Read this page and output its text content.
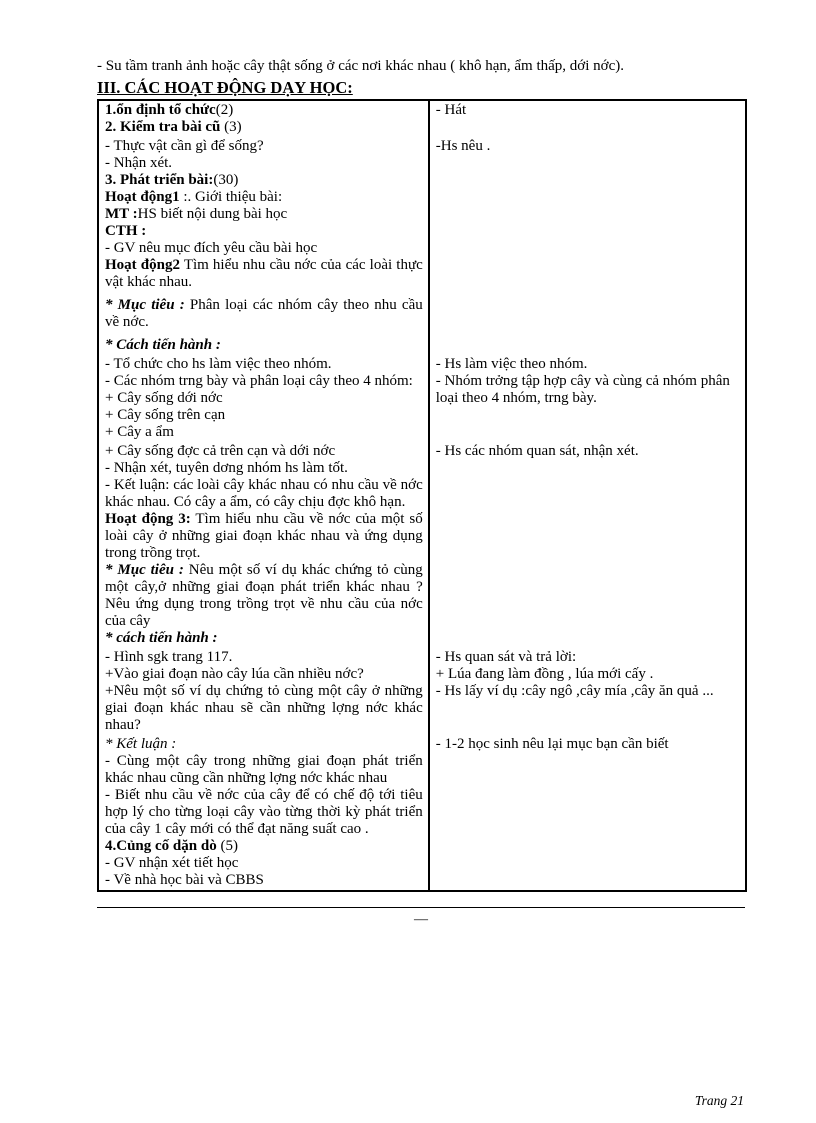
- Su tầm tranh ảnh hoặc cây thật sống ở các nơi khác nhau ( khô hạn, ẩm thấp, dới nớc).

III. CÁC HOẠT ĐỘNG DẠY HỌC:

1.ổn định tổ chức(2)

2. Kiểm tra bài cũ (3)

- Hát

- Thực vật cần gì để sống?

- Nhận xét.

3. Phát triển bài:(30)

Hoạt động1 :. Giới thiệu bài:

MT :HS biết nội dung bài học

CTH :

- GV nêu mục đích yêu cầu bài học

Hoạt động2 Tìm hiểu nhu cầu nớc của các loài thực vật khác nhau.

* Mục tiêu : Phân loại các nhóm cây theo nhu cầu về nớc.

* Cách tiến hành :

-Hs nêu .

- Tổ chức cho hs làm việc theo nhóm.

- Các nhóm trng bày và phân loại cây theo 4 nhóm:

+ Cây sống dới nớc

+ Cây sống trên cạn

+ Cây a ẩm

- Hs làm việc theo nhóm.

- Nhóm trởng tập hợp cây và cùng cả nhóm phân loại theo 4 nhóm, trng bày.

+ Cây sống đợc cả trên cạn và dới nớc

- Nhận xét, tuyên dơng nhóm hs làm tốt.

- Kết luận: các loài cây khác nhau có nhu cầu về nớc khác nhau. Có cây a ẩm, có cây chịu đợc khô hạn.

Hoạt động 3: Tìm hiểu nhu cầu về nớc của một số loài cây ở những giai đoạn khác nhau và ứng dụng trong trồng trọt.

* Mục tiêu : Nêu một số ví dụ khác chứng tỏ cùng một cây,ở những giai đoạn phát triển khác nhau ?Nêu ứng dụng trong trồng trọt về nhu cầu của nớc của cây

* cách tiến hành :

- Hs các nhóm quan sát, nhận xét.

- Hình sgk trang 117.

+Vào giai đoạn nào cây lúa cần nhiều nớc?

+Nêu một số ví dụ chứng tỏ cùng một cây ở những giai đoạn khác nhau sẽ cần những lợng nớc khác nhau?

- Hs quan sát và trả lời:

+ Lúa đang làm đồng , lúa mới cấy .

- Hs lấy ví dụ :cây ngô ,cây mía ,cây ăn quả ...

* Kết luận :

- Cùng một cây trong những giai đoạn phát triển khác nhau cũng cần những lợng nớc khác nhau

- Biết nhu cầu về nớc của cây để có chế độ tới tiêu hợp lý cho từng loại cây vào từng thời kỳ phát triển của cây 1 cây mới có thể đạt năng suất cao .

4.Củng cố dặn dò (5)

- GV nhận xét tiết học

- Về nhà học bài và CBBS

- 1-2 học sinh nêu lại mục bạn cần biết

—
Trang 21
